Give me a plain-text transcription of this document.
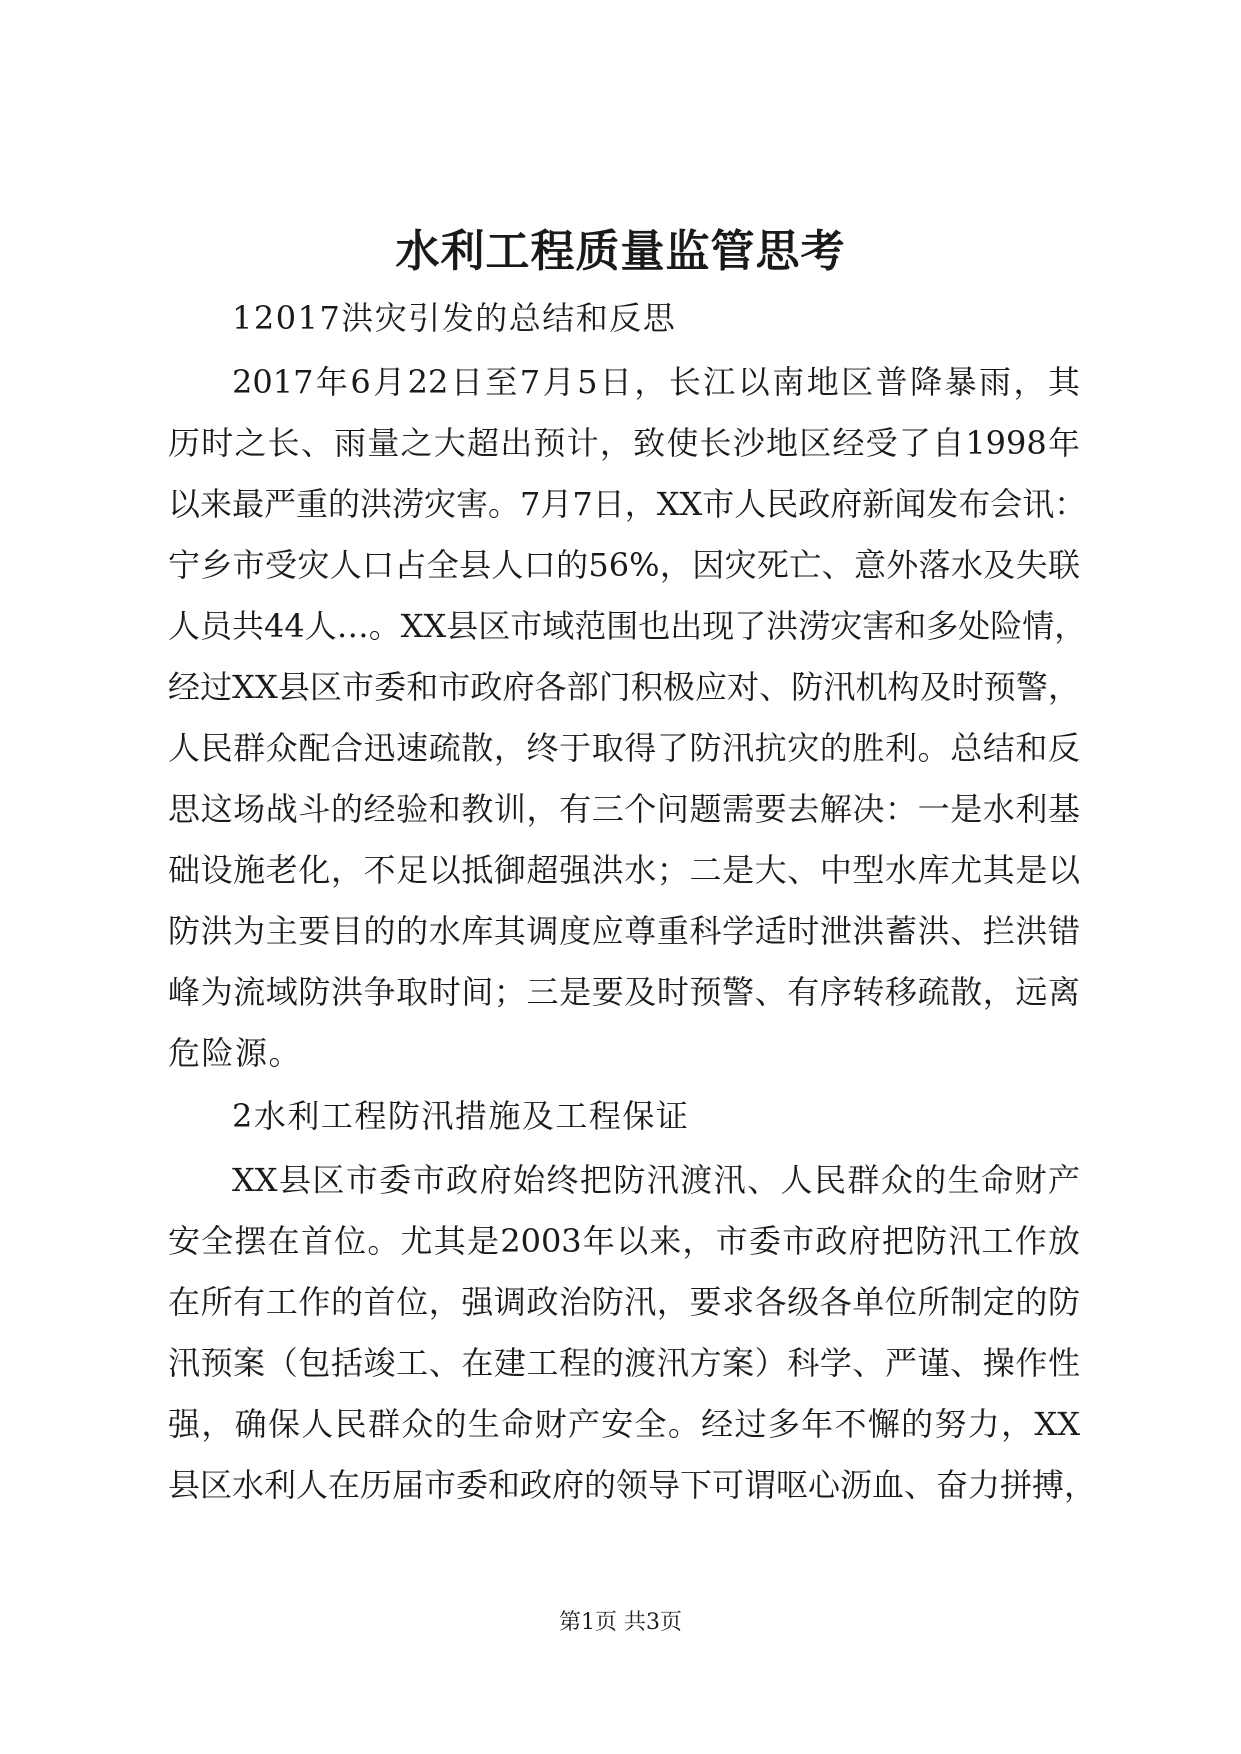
水利工程质量监管思考

12017洪灾引发的总结和反思

2017年6月22日至7月5日，长江以南地区普降暴雨，其

历时之长、雨量之大超出预计，致使长沙地区经受了自1998年

以来最严重的洪涝灾害。7月7日，XX市人民政府新闻发布会讯：

宁乡市受灾人口占全县人口的56%，因灾死亡、意外落水及失联

人员共44人…。XX县区市域范围也出现了洪涝灾害和多处险情，

经过XX县区市委和市政府各部门积极应对、防汛机构及时预警，

人民群众配合迅速疏散，终于取得了防汛抗灾的胜利。总结和反

思这场战斗的经验和教训，有三个问题需要去解决：一是水利基

础设施老化，不足以抵御超强洪水；二是大、中型水库尤其是以

防洪为主要目的的水库其调度应尊重科学适时泄洪蓄洪、拦洪错

峰为流域防洪争取时间；三是要及时预警、有序转移疏散，远离

危险源。

2水利工程防汛措施及工程保证

XX县区市委市政府始终把防汛渡汛、人民群众的生命财产

安全摆在首位。尤其是2003年以来，市委市政府把防汛工作放

在所有工作的首位，强调政治防汛，要求各级各单位所制定的防

汛预案（包括竣工、在建工程的渡汛方案）科学、严谨、操作性

强，确保人民群众的生命财产安全。经过多年不懈的努力，XX

县区水利人在历届市委和政府的领导下可谓呕心沥血、奋力拼搏，

第1页 共3页
